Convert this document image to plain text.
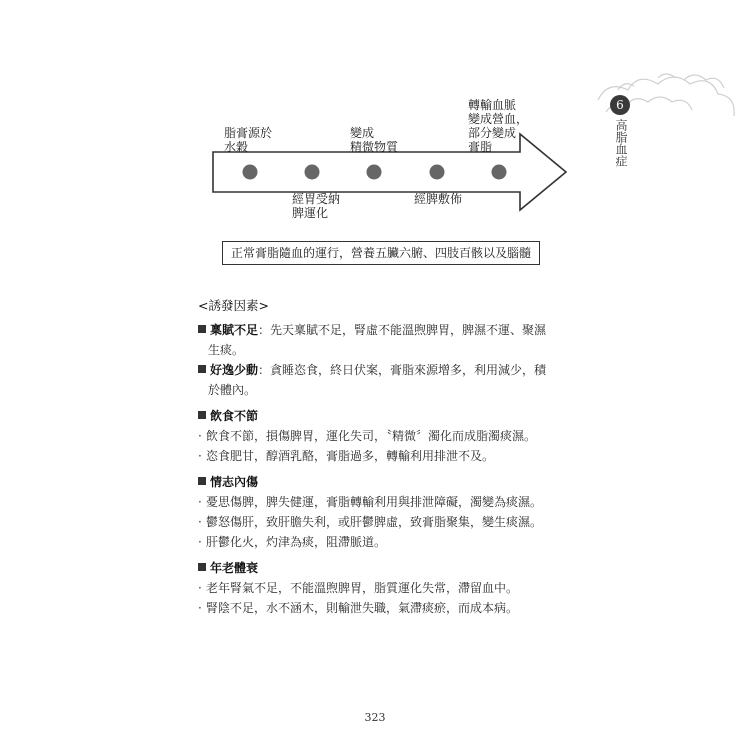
6
高脂血症
脂膏源於
水穀
變成
精微物質
轉輸血脈
變成營血，
部分變成
膏脂
經胃受納
脾運化
經脾敷佈
正常膏脂隨血的運行，營養五臟六腑、四肢百骸以及腦髓
<誘發因素>
稟賦不足：先天稟賦不足，腎虛不能溫煦脾胃，脾濕不運、聚濕生痰。
好逸少動：貪睡恣食，終日伏案，膏脂來源增多，利用減少，積於體內。
飲食不節
· 飲食不節，損傷脾胃，運化失司，〝精微〞濁化而成脂濁痰濕。
· 恣食肥甘，醇酒乳酪，膏脂過多，轉輸利用排泄不及。
情志內傷
· 憂思傷脾，脾失健運，膏脂轉輸利用與排泄障礙，濁變為痰濕。
· 鬱怒傷肝，致肝膽失利，或肝鬱脾虛，致膏脂聚集，變生痰濕。
· 肝鬱化火，灼津為痰，阻滯脈道。
年老體衰
· 老年腎氣不足，不能溫煦脾胃，脂質運化失常，滯留血中。
· 腎陰不足，水不涵木，則輸泄失職，氣滯痰瘀，而成本病。
323
